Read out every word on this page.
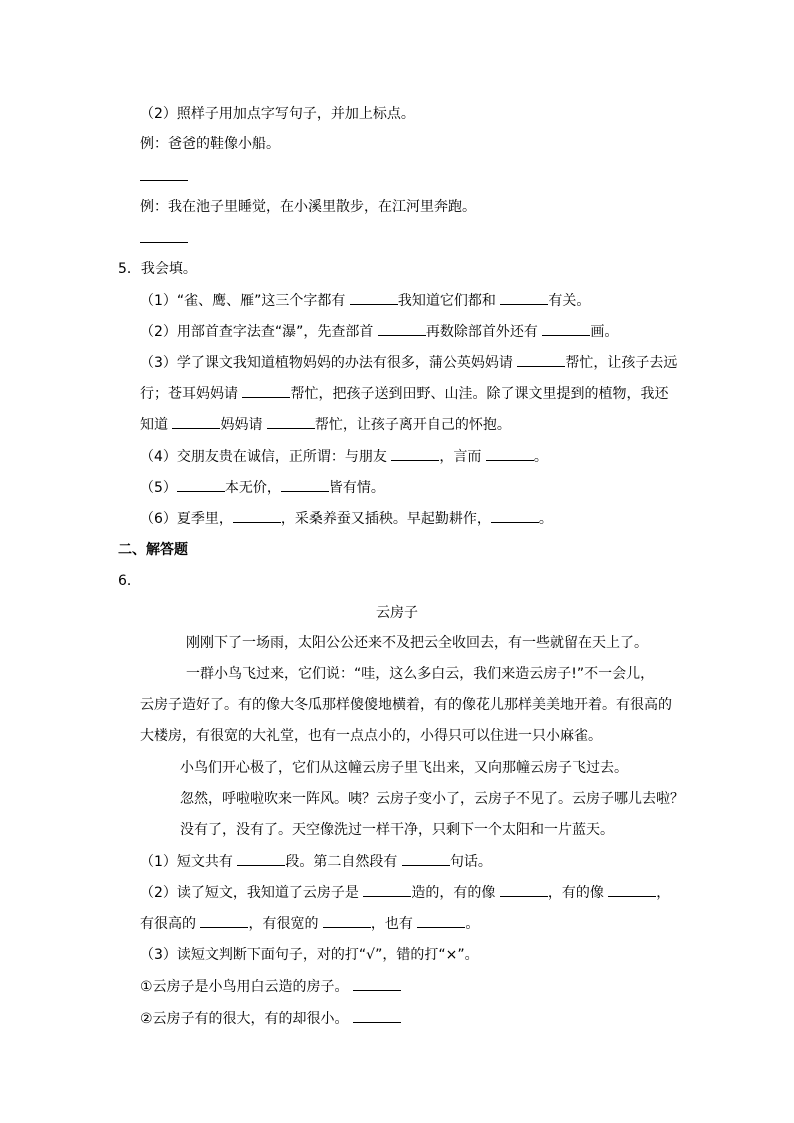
（2）照样子用加点字写句子，并加上标点。
例：爸爸的鞋像小船。
例：我在池子里睡觉，在小溪里散步，在江河里奔跑。
5．我会填。
（1）“雀、鹰、雁”这三个字都有	我知道它们都和	有关。
（2）用部首查字法查“瀑”，先查部首	再数除部首外还有	画。
（3）学了课文我知道植物妈妈的办法有很多，蒲公英妈妈请	帮忙，让孩子去远
行；苍耳妈妈请	帮忙，把孩子送到田野、山洼。除了课文里提到的植物，我还
知道	妈妈请	帮忙，让孩子离开自己的怀抱。
（4）交朋友贵在诚信，正所谓：与朋友	，言而	。
（5）	本无价，	皆有情。
（6）夏季里，	，采桑养蚕又插秧。早起勤耕作，	。
二、解答题
6．
云房子
刚刚下了一场雨，太阳公公还来不及把云全收回去，有一些就留在天上了。
一群小鸟飞过来，它们说：“哇，这么多白云，我们来造云房子!”不一会儿，
云房子造好了。有的像大冬瓜那样傻傻地横着，有的像花儿那样美美地开着。有很高的
大楼房，有很宽的大礼堂，也有一点点小的，小得只可以住进一只小麻雀。
小鸟们开心极了，它们从这幢云房子里飞出来，又向那幢云房子飞过去。
忽然，呼啦啦吹来一阵风。咦？云房子变小了，云房子不见了。云房子哪儿去啦？
没有了，没有了。天空像洗过一样干净，只剩下一个太阳和一片蓝天。
（1）短文共有	段。第二自然段有	句话。
（2）读了短文，我知道了云房子是	造的，有的像	，有的像	，
有很高的	，有很宽的	，也有	。
（3）读短文判断下面句子，对的打“√”，错的打“×”。
①云房子是小鸟用白云造的房子。
②云房子有的很大，有的却很小。
